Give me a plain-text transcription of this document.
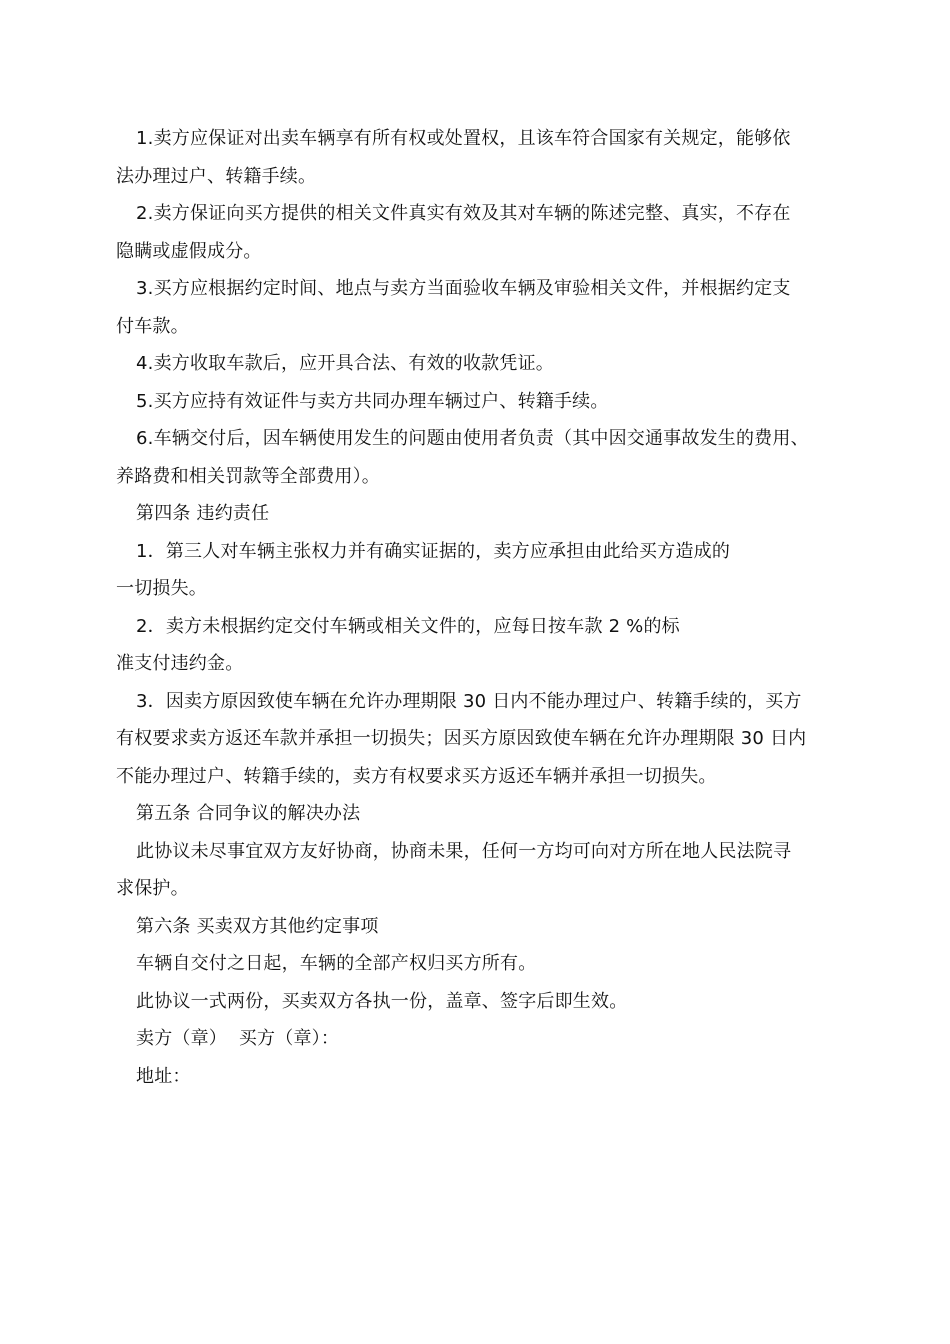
1.卖方应保证对出卖车辆享有所有权或处置权，且该车符合国家有关规定，能够依

法办理过户、转籍手续。

2.卖方保证向买方提供的相关文件真实有效及其对车辆的陈述完整、真实，不存在

隐瞒或虚假成分。

3.买方应根据约定时间、地点与卖方当面验收车辆及审验相关文件，并根据约定支

付车款。

4.卖方收取车款后，应开具合法、有效的收款凭证。

5.买方应持有效证件与卖方共同办理车辆过户、转籍手续。

6.车辆交付后，因车辆使用发生的问题由使用者负责（其中因交通事故发生的费用、

养路费和相关罚款等全部费用）。

第四条 违约责任

1．第三人对车辆主张权力并有确实证据的，卖方应承担由此给买方造成的

一切损失。

2．卖方未根据约定交付车辆或相关文件的，应每日按车款 2 %的标

准支付违约金。

3．因卖方原因致使车辆在允许办理期限 30 日内不能办理过户、转籍手续的，买方

有权要求卖方返还车款并承担一切损失；因买方原因致使车辆在允许办理期限 30 日内

不能办理过户、转籍手续的，卖方有权要求买方返还车辆并承担一切损失。

第五条 合同争议的解决办法

此协议未尽事宜双方友好协商，协商未果，任何一方均可向对方所在地人民法院寻

求保护。

第六条 买卖双方其他约定事项

车辆自交付之日起，车辆的全部产权归买方所有。

此协议一式两份，买卖双方各执一份，盖章、签字后即生效。

卖方（章）  买方（章）：

地址：
